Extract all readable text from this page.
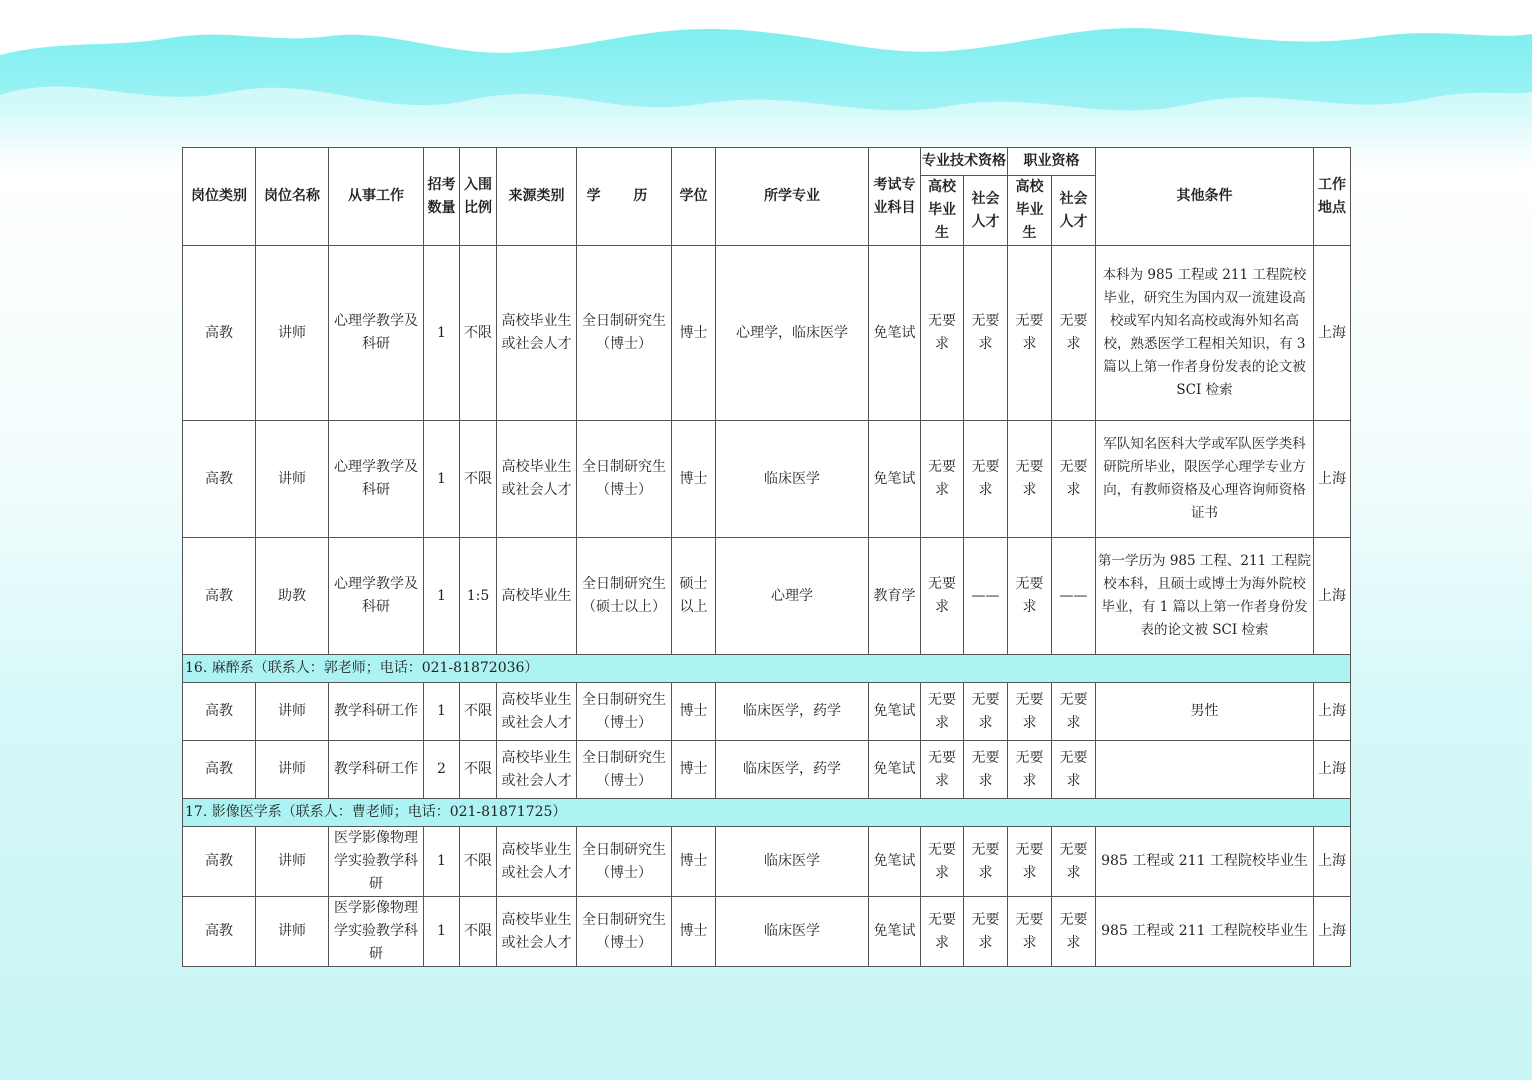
岗位类别	岗位名称	从事工作	招考数量	入围比例	来源类别	学 历	学位	所学专业	考试专业科目	专业技术资格		职业资格		其他条件	工作地点
										高校毕业生	社会人才	高校毕业生	社会人才		
高教	讲师	心理学教学及科研	1	不限	高校毕业生或社会人才	全日制研究生（博士）	博士	心理学，临床医学	免笔试	无要求	无要求	无要求	无要求	本科为 985 工程或 211 工程院校毕业，研究生为国内双一流建设高校或军内知名高校或海外知名高校，熟悉医学工程相关知识，有 3 篇以上第一作者身份发表的论文被 SCI 检索	上海
高教	讲师	心理学教学及科研	1	不限	高校毕业生或社会人才	全日制研究生（博士）	博士	临床医学	免笔试	无要求	无要求	无要求	无要求	军队知名医科大学或军队医学类科研院所毕业，限医学心理学专业方向，有教师资格及心理咨询师资格证书	上海
高教	助教	心理学教学及科研	1	1:5	高校毕业生	全日制研究生（硕士以上）	硕士以上	心理学	教育学	无要求	——	无要求	——	第一学历为 985 工程、211 工程院校本科，且硕士或博士为海外院校毕业，有 1 篇以上第一作者身份发表的论文被 SCI 检索	上海
16. 麻醉系（联系人：郭老师；电话：021-81872036）															
高教	讲师	教学科研工作	1	不限	高校毕业生或社会人才	全日制研究生（博士）	博士	临床医学，药学	免笔试	无要求	无要求	无要求	无要求	男性	上海
高教	讲师	教学科研工作	2	不限	高校毕业生或社会人才	全日制研究生（博士）	博士	临床医学，药学	免笔试	无要求	无要求	无要求	无要求		上海
17. 影像医学系（联系人：曹老师；电话：021-81871725）															
高教	讲师	医学影像物理学实验教学科研	1	不限	高校毕业生或社会人才	全日制研究生（博士）	博士	临床医学	免笔试	无要求	无要求	无要求	无要求	985 工程或 211 工程院校毕业生	上海
高教	讲师	医学影像物理学实验教学科研	1	不限	高校毕业生或社会人才	全日制研究生（博士）	博士	临床医学	免笔试	无要求	无要求	无要求	无要求	985 工程或 211 工程院校毕业生	上海
